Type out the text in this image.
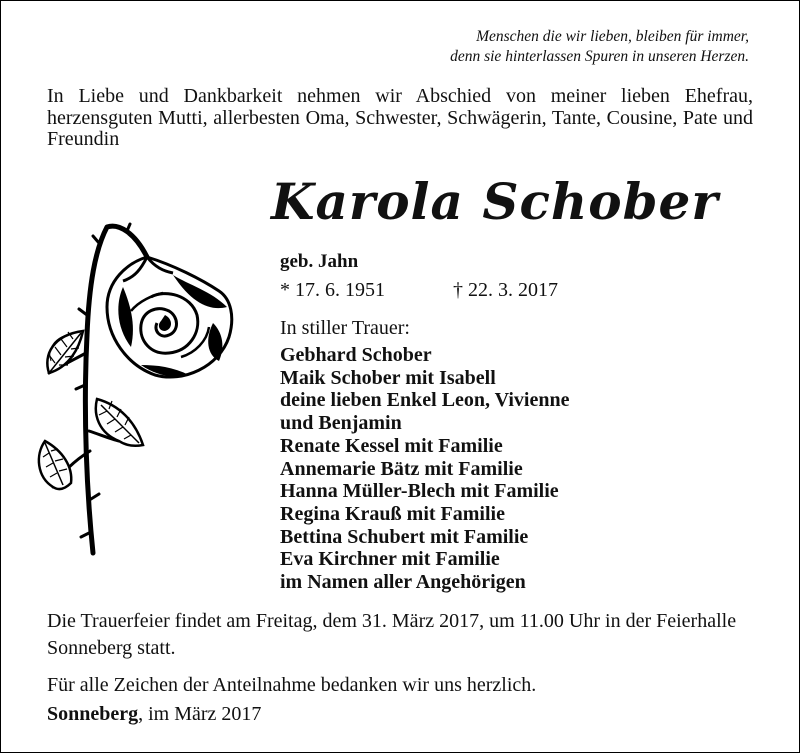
Menschen die wir lieben, bleiben für immer,
denn sie hinterlassen Spuren in unseren Herzen.
In Liebe und Dankbarkeit nehmen wir Abschied von meiner lieben Ehefrau, herzensguten Mutti, allerbesten Oma, Schwester, Schwägerin, Tante, Cousine, Pate und Freundin
Karola Schober
geb. Jahn
* 17. 6. 1951	† 22. 3. 2017
In stiller Trauer:
Gebhard Schober
Maik Schober mit Isabell
deine lieben Enkel Leon, Vivienne
und Benjamin
Renate Kessel mit Familie
Annemarie Bätz mit Familie
Hanna Müller-Blech mit Familie
Regina Krauß mit Familie
Bettina Schubert mit Familie
Eva Kirchner mit Familie
im Namen aller Angehörigen
Die Trauerfeier findet am Freitag, dem 31. März 2017, um 11.00 Uhr in der Feierhalle Sonneberg statt.
Für alle Zeichen der Anteilnahme bedanken wir uns herzlich.
Sonneberg, im März 2017
